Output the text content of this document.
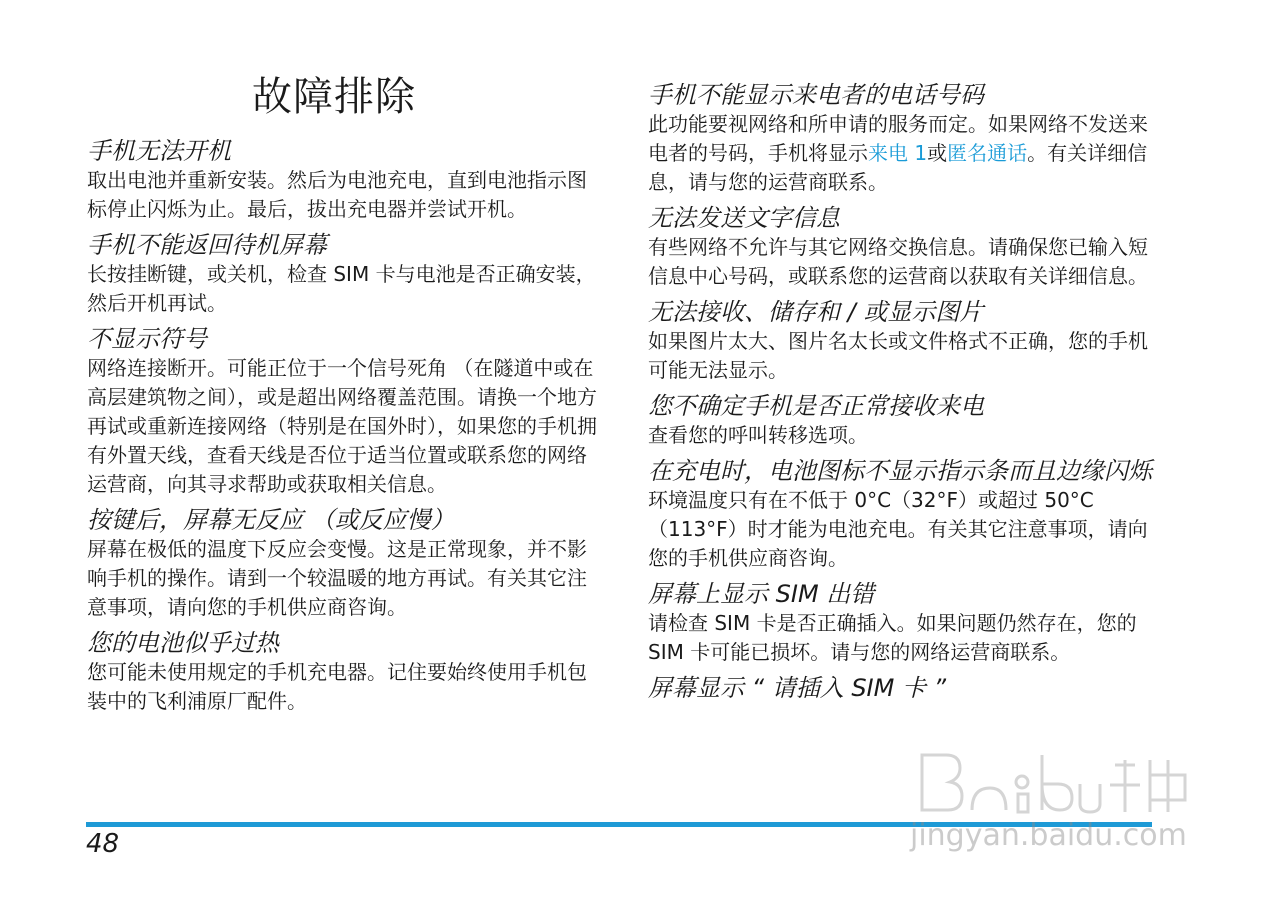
故障排除
手机无法开机

取出电池并重新安装。然后为电池充电，直到电池指示图标停止闪烁为止。最后，拔出充电器并尝试开机。

手机不能返回待机屏幕

长按挂断键，或关机，检查 SIM 卡与电池是否正确安装，然后开机再试。

不显示符号

网络连接断开。可能正位于一个信号死角 （在隧道中或在高层建筑物之间），或是超出网络覆盖范围。请换一个地方再试或重新连接网络（特别是在国外时），如果您的手机拥有外置天线，查看天线是否位于适当位置或联系您的网络运营商，向其寻求帮助或获取相关信息。

按键后，屏幕无反应 （或反应慢）

屏幕在极低的温度下反应会变慢。这是正常现象，并不影响手机的操作。请到一个较温暖的地方再试。有关其它注意事项，请向您的手机供应商咨询。

您的电池似乎过热

您可能未使用规定的手机充电器。记住要始终使用手机包装中的飞利浦原厂配件。

手机不能显示来电者的电话号码

此功能要视网络和所申请的服务而定。如果网络不发送来电者的号码，手机将显示来电 1或匿名通话。有关详细信息，请与您的运营商联系。

无法发送文字信息

有些网络不允许与其它网络交换信息。请确保您已输入短信息中心号码，或联系您的运营商以获取有关详细信息。

无法接收、储存和 / 或显示图片

如果图片太大、图片名太长或文件格式不正确，您的手机可能无法显示。

您不确定手机是否正常接收来电

查看您的呼叫转移选项。

在充电时，电池图标不显示指示条而且边缘闪烁

环境温度只有在不低于 0°C（32°F）或超过 50°C（113°F）时才能为电池充电。有关其它注意事项，请向您的手机供应商咨询。

屏幕上显示 SIM 出错

请检查 SIM 卡是否正确插入。如果问题仍然存在，您的 SIM 卡可能已损坏。请与您的网络运营商联系。

屏幕显示 “ 请插入 SIM 卡 ”
48	jingyan.baidu.com
